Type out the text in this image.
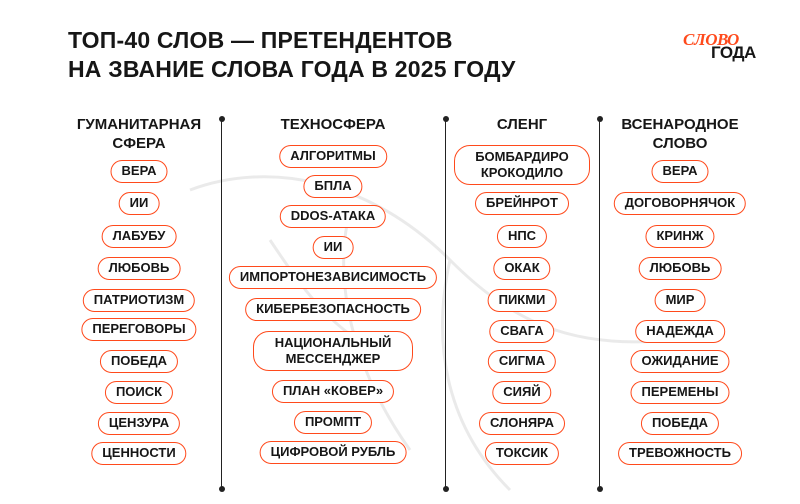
ТОП-40 СЛОВ — ПРЕТЕНДЕНТОВ
НА ЗВАНИЕ СЛОВА ГОДА В 2025 ГОДУ
СЛОВО
ГОДА
ГУМАНИТАРНАЯ
СФЕРА
ВЕРА
ИИ
ЛАБУБУ
ЛЮБОВЬ
ПАТРИОТИЗМ
ПЕРЕГОВОРЫ
ПОБЕДА
ПОИСК
ЦЕНЗУРА
ЦЕННОСТИ
ТЕХНОСФЕРА
АЛГОРИТМЫ
БПЛА
DDOS-АТАКА
ИИ
ИМПОРТОНЕЗАВИСИМОСТЬ
КИБЕРБЕЗОПАСНОСТЬ
НАЦИОНАЛЬНЫЙ МЕССЕНДЖЕР
ПЛАН «КОВЕР»
ПРОМПТ
ЦИФРОВОЙ РУБЛЬ
СЛЕНГ
БОМБАРДИРО КРОКОДИЛО
БРЕЙНРОТ
НПС
ОКАК
ПИКМИ
СВАГА
СИГМА
СИЯЙ
СЛОНЯРА
ТОКСИК
ВСЕНАРОДНОЕ
СЛОВО
ВЕРА
ДОГОВОРНЯЧОК
КРИНЖ
ЛЮБОВЬ
МИР
НАДЕЖДА
ОЖИДАНИЕ
ПЕРЕМЕНЫ
ПОБЕДА
ТРЕВОЖНОСТЬ
